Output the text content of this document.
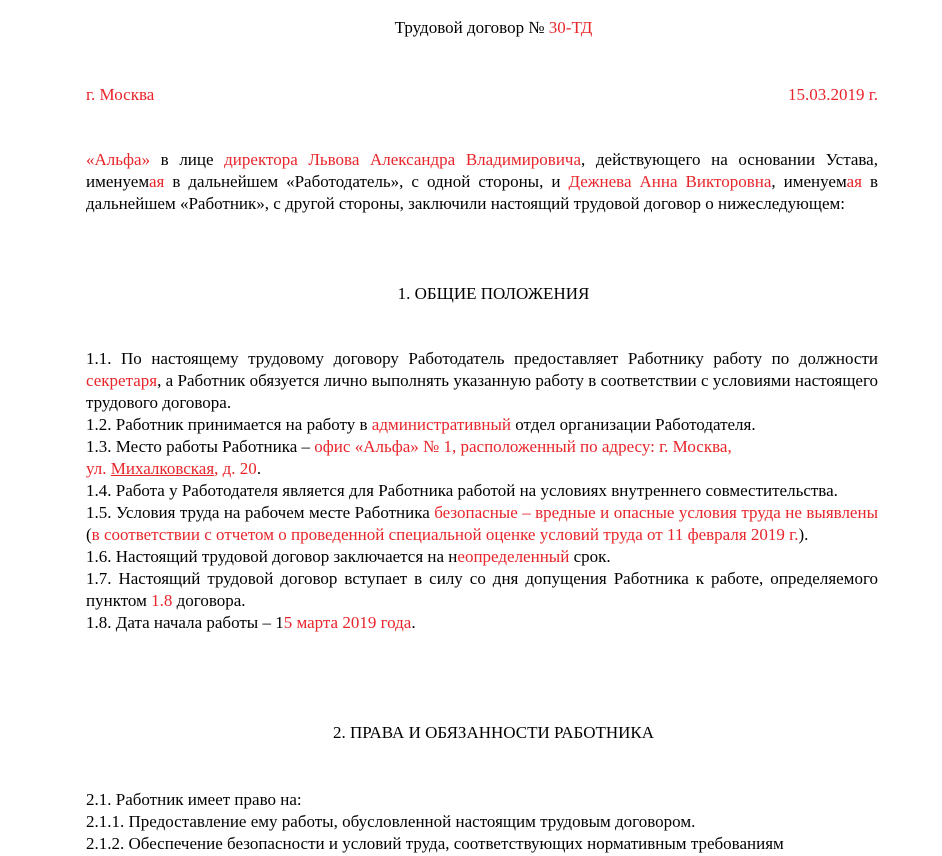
Трудовой договор № 30-ТД
г. Москва	15.03.2019 г.
«Альфа» в лице директора Львова Александра Владимировича, действующего на основании Устава, именуемая в дальнейшем «Работодатель», с одной стороны, и Дежнева Анна Викторовна, именуемая в дальнейшем «Работник», с другой стороны, заключили настоящий трудовой договор о нижеследующем:
1. ОБЩИЕ ПОЛОЖЕНИЯ

1.1. По настоящему трудовому договору Работодатель предоставляет Работнику работу по должности секретаря, а Работник обязуется лично выполнять указанную работу в соответствии с условиями настоящего трудового договора.

1.2. Работник принимается на работу в административный отдел организации Работодателя.

1.3. Место работы Работника – офис «Альфа» № 1, расположенный по адресу: г. Москва,
ул. Михалковская, д. 20.

1.4. Работа у Работодателя является для Работника работой на условиях внутреннего совместительства.

1.5. Условия труда на рабочем месте Работника безопасные – вредные и опасные условия труда не выявлены (в соответствии с отчетом о проведенной специальной оценке условий труда от 11 февраля 2019 г.).

1.6. Настоящий трудовой договор заключается на неопределенный срок.

1.7. Настоящий трудовой договор вступает в силу со дня допущения Работника к работе, определяемого пунктом 1.8 договора.

1.8. Дата начала работы – 15 марта 2019 года.

2. ПРАВА И ОБЯЗАННОСТИ РАБОТНИКА

2.1. Работник имеет право на:

2.1.1. Предоставление ему работы, обусловленной настоящим трудовым договором.

2.1.2. Обеспечение безопасности и условий труда, соответствующих нормативным требованиям
